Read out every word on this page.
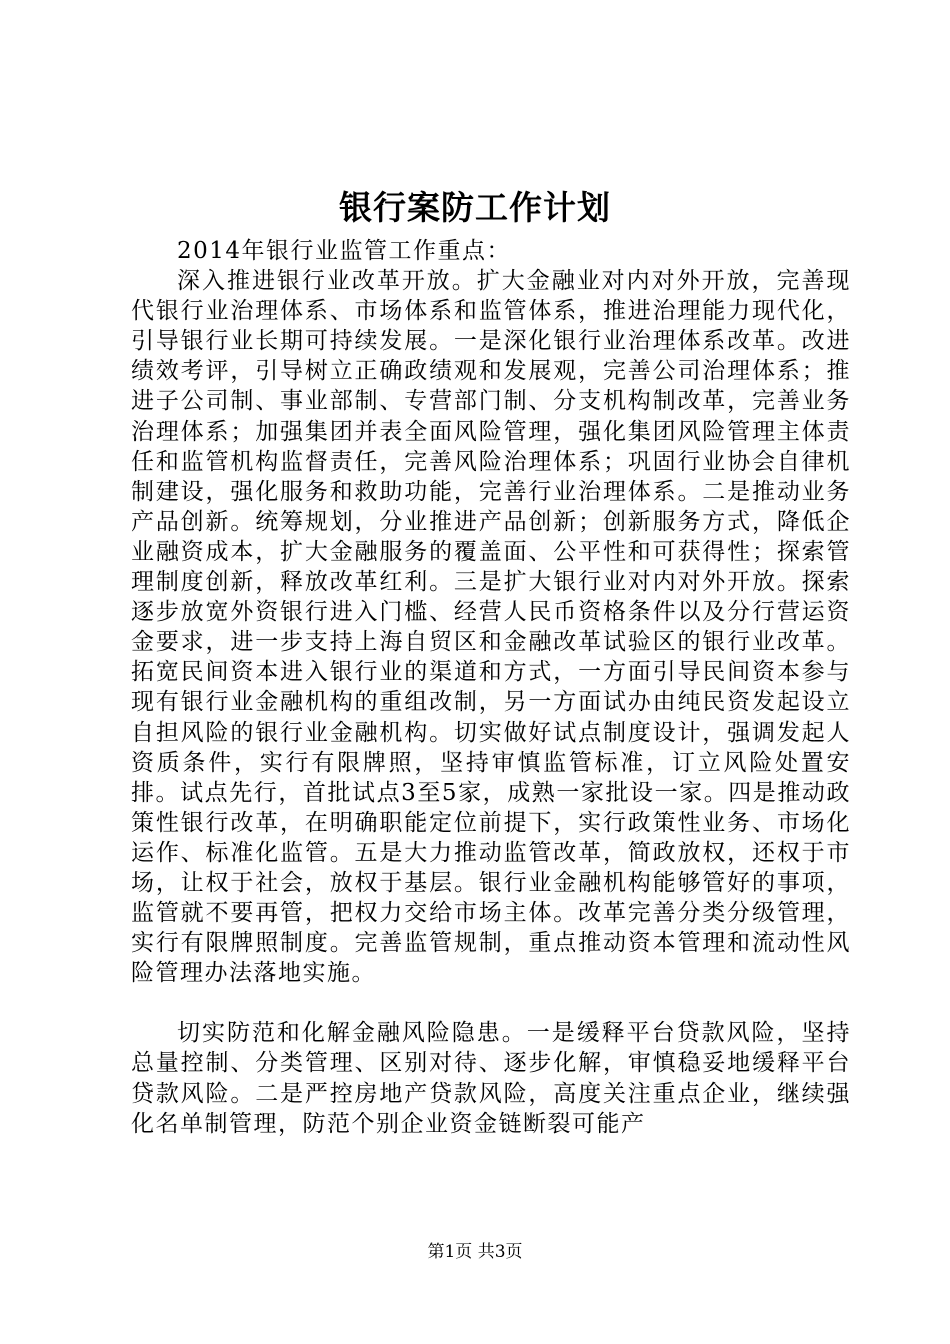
银行案防工作计划

2014年银行业监管工作重点：

深入推进银行业改革开放。扩大金融业对内对外开放，完善现代银行业治理体系、市场体系和监管体系，推进治理能力现代化，引导银行业长期可持续发展。一是深化银行业治理体系改革。改进绩效考评，引导树立正确政绩观和发展观，完善公司治理体系；推进子公司制、事业部制、专营部门制、分支机构制改革，完善业务治理体系；加强集团并表全面风险管理，强化集团风险管理主体责任和监管机构监督责任，完善风险治理体系；巩固行业协会自律机制建设，强化服务和救助功能，完善行业治理体系。二是推动业务产品创新。统筹规划，分业推进产品创新；创新服务方式，降低企业融资成本，扩大金融服务的覆盖面、公平性和可获得性；探索管理制度创新，释放改革红利。三是扩大银行业对内对外开放。探索逐步放宽外资银行进入门槛、经营人民币资格条件以及分行营运资金要求，进一步支持上海自贸区和金融改革试验区的银行业改革。拓宽民间资本进入银行业的渠道和方式，一方面引导民间资本参与现有银行业金融机构的重组改制，另一方面试办由纯民资发起设立自担风险的银行业金融机构。切实做好试点制度设计，强调发起人资质条件，实行有限牌照，坚持审慎监管标准，订立风险处置安排。试点先行，首批试点3至5家，成熟一家批设一家。四是推动政策性银行改革，在明确职能定位前提下，实行政策性业务、市场化运作、标准化监管。五是大力推动监管改革，简政放权，还权于市场，让权于社会，放权于基层。银行业金融机构能够管好的事项，监管就不要再管，把权力交给市场主体。改革完善分类分级管理，实行有限牌照制度。完善监管规制，重点推动资本管理和流动性风险管理办法落地实施。

切实防范和化解金融风险隐患。一是缓释平台贷款风险，坚持总量控制、分类管理、区别对待、逐步化解，审慎稳妥地缓释平台贷款风险。二是严控房地产贷款风险，高度关注重点企业，继续强化名单制管理，防范个别企业资金链断裂可能产

第1页 共3页
